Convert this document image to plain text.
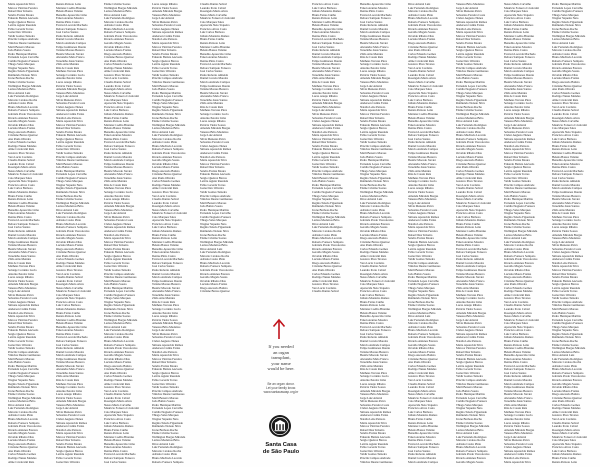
Maria Aparecida Silva
Marcos Vinicius Ferreira
Rafael Dias Teixeira
Sandra Freitas Moura
Eduardo Batista Azevedo
Sergio Queiroz Barros
Leticia Aguiar Rezende
Fabio Lacerda Torres
Joana Darc Oliveira
Valdir Gomes Teixeira
Priscila Campos Andrade
Vinicius Duarte Guimaraes
Marli Bezerra Moraes
João Batista Souza
Pedro Henrique Martins
Fernanda Lopes Carvalho
Camila Nogueira Fonseca
Thiago Sales Marques
Wagner Siqueira Neto
Regina Toledo Figueiredo
Raimundo Nonato Silva
Ivone Barbosa Rocha
Elaine Cristina Soares
Wellington Borges Miranda
Larissa Medeiros Brito
Dirce Amaral Luiz
Luiz Fernando Rodrigues
Marcelo Cardoso Rocha
Adriana Castro Pinto
Bruno Machado Lacerda
Roberto Fonseca Sampaio
Gabriela Prado Vasconcelos
Ricardo Antunes Esteves
Geraldo Magela Souza
Osvaldo Ribeiro Dias
Luciana Moura Freitas
Diego Azevedo Batista
Cristiane Barros Queiroz
Ana Paula Oliveira
Carlos Eduardo Gomes
Rodrigo Nunes Mendes
Aline Cavalcanti Reis
Gustavo Pires Tavares
Vera Lucia Cordeiro
Claudia Dantas Sobral
Leandro Porto Cabral
Rosangela Maria Alves
Neusa Maria Carvalho
Mauricio Fonseca Cavalcanti
Caio Marques Sales
Aparecida Neto Siqueira
Francisco Alves Costa
Luiz Carlos Barbosa
Juliana Monteiro Ramos
Bruna Farias Cunha
Renata Peixoto Leite
Mariana Coelho Brandao
Helena Bastos Valente
Benedito Aparecido Lima
Edson Arantes Moreira
Denise Pinto Castro
Everton Lacerda Machado
Debora Sampaio Fonseca
José Carlos Santos
Paulo Roberto Almeida
Daniel Correia Moreira
Marcia Andrade Campos
Felipe Guimaraes Duarte
Tatiana Moraes Bezerra
Beatriz Macedo Xavier
Alexandre Melo Franco
Terezinha Jesus Santos
Zilda Arns Mendes
Rita de Cassia Reis
Matheus Tavares Pires
Solange Cordeiro Lucia
Antonio Pereira Lima
Lucas Araujo Ribeiro
Patricia Vieira Soares
Amanda Miranda Borges
Vanessa Brito Medeiros
Jorge Luiz Amaral
Silvia Menezes Paiva
Sebastiao Ferreira Costa
Cleber Augusto Nunes
Simone Aparecida Ramos
Anderson Cunha Farias
Natalia Leite Peixoto
Maria Aparecida Silva
Marcos Vinicius Ferreira
Rafael Dias Teixeira
Sandra Freitas Moura
Eduardo Batista Azevedo
Sergio Queiroz Barros
Leticia Aguiar Rezende
Fabio Lacerda Torres
Joana Darc Oliveira
Valdir Gomes Teixeira
Priscila Campos Andrade
Vinicius Duarte Guimaraes
Marli Bezerra Moraes
João Batista Souza
Pedro Henrique Martins
Fernanda Lopes Carvalho
Camila Nogueira Fonseca
Thiago Sales Marques
Wagner Siqueira Neto
Regina Toledo Figueiredo
Raimundo Nonato Silva
Ivone Barbosa Rocha
Elaine Cristina Soares
Wellington Borges Miranda
Larissa Medeiros Brito
Dirce Amaral Luiz
Luiz Fernando Rodrigues
Marcelo Cardoso Rocha
Adriana Castro Pinto
Bruno Machado Lacerda
Roberto Fonseca Sampaio
Gabriela Prado Vasconcelos
Ricardo Antunes Esteves
Geraldo Magela Souza
Osvaldo Ribeiro Dias
Luciana Moura Freitas
Diego Azevedo Batista
Cristiane Barros Queiroz
Ana Paula Oliveira
Carlos Eduardo Gomes
Rodrigo Nunes Mendes
Aline Cavalcanti Reis
Renata Peixoto Leite
Mariana Coelho Brandao
Helena Bastos Valente
Benedito Aparecido Lima
Edson Arantes Moreira
Denise Pinto Castro
Everton Lacerda Machado
Debora Sampaio Fonseca
José Carlos Santos
Paulo Roberto Almeida
Daniel Correia Moreira
Marcia Andrade Campos
Felipe Guimaraes Duarte
Tatiana Moraes Bezerra
Beatriz Macedo Xavier
Alexandre Melo Franco
Terezinha Jesus Santos
Zilda Arns Mendes
Rita de Cassia Reis
Matheus Tavares Pires
Solange Cordeiro Lucia
Antonio Pereira Lima
Lucas Araujo Ribeiro
Patricia Vieira Soares
Amanda Miranda Borges
Vanessa Brito Medeiros
Jorge Luiz Amaral
Silvia Menezes Paiva
Sebastiao Ferreira Costa
Cleber Augusto Nunes
Simone Aparecida Ramos
Anderson Cunha Farias
Natalia Leite Peixoto
Maria Aparecida Silva
Marcos Vinicius Ferreira
Rafael Dias Teixeira
Sandra Freitas Moura
Eduardo Batista Azevedo
Sergio Queiroz Barros
Leticia Aguiar Rezende
Fabio Lacerda Torres
Joana Darc Oliveira
Valdir Gomes Teixeira
Priscila Campos Andrade
Vinicius Duarte Guimaraes
Marli Bezerra Moraes
João Batista Souza
Pedro Henrique Martins
Fernanda Lopes Carvalho
Camila Nogueira Fonseca
Thiago Sales Marques
Wagner Siqueira Neto
Regina Toledo Figueiredo
Raimundo Nonato Silva
Ivone Barbosa Rocha
Elaine Cristina Soares
Wellington Borges Miranda
Larissa Medeiros Brito
Dirce Amaral Luiz
Luiz Fernando Rodrigues
Marcelo Cardoso Rocha
Adriana Castro Pinto
Bruno Machado Lacerda
Roberto Fonseca Sampaio
Gabriela Prado Vasconcelos
Ricardo Antunes Esteves
Geraldo Magela Souza
Osvaldo Ribeiro Dias
Luciana Moura Freitas
Diego Azevedo Batista
Cristiane Barros Queiroz
Ana Paula Oliveira
Carlos Eduardo Gomes
Rodrigo Nunes Mendes
Aline Cavalcanti Reis
Gustavo Pires Tavares
Vera Lucia Cordeiro
Claudia Dantas Sobral
Leandro Porto Cabral
Rosangela Maria Alves
Neusa Maria Carvalho
Mauricio Fonseca Cavalcanti
Caio Marques Sales
Aparecida Neto Siqueira
Francisco Alves Costa
Luiz Carlos Barbosa
Juliana Monteiro Ramos
Bruna Farias Cunha
Renata Peixoto Leite
Mariana Coelho Brandao
Helena Bastos Valente
Benedito Aparecido Lima
Edson Arantes Moreira
Denise Pinto Castro
Everton Lacerda Machado
Debora Sampaio Fonseca
José Carlos Santos
Paulo Roberto Almeida
Daniel Correia Moreira
Marcia Andrade Campos
Felipe Guimaraes Duarte
Tatiana Moraes Bezerra
Beatriz Macedo Xavier
Alexandre Melo Franco
Terezinha Jesus Santos
Zilda Arns Mendes
Rita de Cassia Reis
Matheus Tavares Pires
Solange Cordeiro Lucia
Antonio Pereira Lima
Lucas Araujo Ribeiro
Patricia Vieira Soares
Amanda Miranda Borges
Vanessa Brito Medeiros
Jorge Luiz Amaral
Silvia Menezes Paiva
Sebastiao Ferreira Costa
Cleber Augusto Nunes
Simone Aparecida Ramos
Anderson Cunha Farias
Natalia Leite Peixoto
Maria Aparecida Silva
Marcos Vinicius Ferreira
Rafael Dias Teixeira
Sandra Freitas Moura
Eduardo Batista Azevedo
Sergio Queiroz Barros
Leticia Aguiar Rezende
Fabio Lacerda Torres
Joana Darc Oliveira
Elaine Cristina Soares
Wellington Borges Miranda
Larissa Medeiros Brito
Dirce Amaral Luiz
Luiz Fernando Rodrigues
Marcelo Cardoso Rocha
Adriana Castro Pinto
Bruno Machado Lacerda
Roberto Fonseca Sampaio
Gabriela Prado Vasconcelos
Ricardo Antunes Esteves
Geraldo Magela Souza
Osvaldo Ribeiro Dias
Luciana Moura Freitas
Diego Azevedo Batista
Cristiane Barros Queiroz
Ana Paula Oliveira
Carlos Eduardo Gomes
Rodrigo Nunes Mendes
Aline Cavalcanti Reis
Gustavo Pires Tavares
Vera Lucia Cordeiro
Claudia Dantas Sobral
Leandro Porto Cabral
Rosangela Maria Alves
Neusa Maria Carvalho
Mauricio Fonseca Cavalcanti
Caio Marques Sales
Aparecida Neto Siqueira
Francisco Alves Costa
Luiz Carlos Barbosa
Juliana Monteiro Ramos
Bruna Farias Cunha
Renata Peixoto Leite
Mariana Coelho Brandao
Helena Bastos Valente
Benedito Aparecido Lima
Edson Arantes Moreira
Denise Pinto Castro
Everton Lacerda Machado
Debora Sampaio Fonseca
José Carlos Santos
Paulo Roberto Almeida
Daniel Correia Moreira
Marcia Andrade Campos
Felipe Guimaraes Duarte
Tatiana Moraes Bezerra
Beatriz Macedo Xavier
Alexandre Melo Franco
Terezinha Jesus Santos
Zilda Arns Mendes
Rita de Cassia Reis
Matheus Tavares Pires
Solange Cordeiro Lucia
Antonio Pereira Lima
Lucas Araujo Ribeiro
Patricia Vieira Soares
Amanda Miranda Borges
Vanessa Brito Medeiros
Jorge Luiz Amaral
Silvia Menezes Paiva
Sebastiao Ferreira Costa
Cleber Augusto Nunes
Simone Aparecida Ramos
Anderson Cunha Farias
Natalia Leite Peixoto
Maria Aparecida Silva
Marcos Vinicius Ferreira
Rafael Dias Teixeira
Sandra Freitas Moura
Eduardo Batista Azevedo
Sergio Queiroz Barros
Leticia Aguiar Rezende
Fabio Lacerda Torres
Joana Darc Oliveira
Valdir Gomes Teixeira
Priscila Campos Andrade
Vinicius Duarte Guimaraes
Marli Bezerra Moraes
João Batista Souza
Pedro Henrique Martins
Fernanda Lopes Carvalho
Camila Nogueira Fonseca
Thiago Sales Marques
Wagner Siqueira Neto
Regina Toledo Figueiredo
Raimundo Nonato Silva
Ivone Barbosa Rocha
Elaine Cristina Soares
Wellington Borges Miranda
Larissa Medeiros Brito
Dirce Amaral Luiz
Luiz Fernando Rodrigues
Marcelo Cardoso Rocha
Adriana Castro Pinto
Bruno Machado Lacerda
Roberto Fonseca Sampaio
Gabriela Prado Vasconcelos
Ricardo Antunes Esteves
Geraldo Magela Souza
Osvaldo Ribeiro Dias
Luciana Moura Freitas
Diego Azevedo Batista
Cristiane Barros Queiroz
Ana Paula Oliveira
Carlos Eduardo Gomes
Rodrigo Nunes Mendes
Aline Cavalcanti Reis
Gustavo Pires Tavares
Vera Lucia Cordeiro
Claudia Dantas Sobral
Leandro Porto Cabral
Rosangela Maria Alves
Neusa Maria Carvalho
Mauricio Fonseca Cavalcanti
Caio Marques Sales
Aparecida Neto Siqueira
Francisco Alves Costa
Luiz Carlos Barbosa
Juliana Monteiro Ramos
Bruna Farias Cunha
Renata Peixoto Leite
Mariana Coelho Brandao
Helena Bastos Valente
Benedito Aparecido Lima
Edson Arantes Moreira
Denise Pinto Castro
Everton Lacerda Machado
Debora Sampaio Fonseca
José Carlos Santos
Lucas Araujo Ribeiro
Patricia Vieira Soares
Amanda Miranda Borges
Vanessa Brito Medeiros
Jorge Luiz Amaral
Silvia Menezes Paiva
Sebastiao Ferreira Costa
Cleber Augusto Nunes
Simone Aparecida Ramos
Anderson Cunha Farias
Natalia Leite Peixoto
Maria Aparecida Silva
Marcos Vinicius Ferreira
Rafael Dias Teixeira
Sandra Freitas Moura
Eduardo Batista Azevedo
Sergio Queiroz Barros
Leticia Aguiar Rezende
Fabio Lacerda Torres
Joana Darc Oliveira
Valdir Gomes Teixeira
Priscila Campos Andrade
Vinicius Duarte Guimaraes
Marli Bezerra Moraes
João Batista Souza
Pedro Henrique Martins
Fernanda Lopes Carvalho
Camila Nogueira Fonseca
Thiago Sales Marques
Wagner Siqueira Neto
Regina Toledo Figueiredo
Raimundo Nonato Silva
Ivone Barbosa Rocha
Elaine Cristina Soares
Wellington Borges Miranda
Larissa Medeiros Brito
Dirce Amaral Luiz
Luiz Fernando Rodrigues
Marcelo Cardoso Rocha
Adriana Castro Pinto
Bruno Machado Lacerda
Roberto Fonseca Sampaio
Gabriela Prado Vasconcelos
Ricardo Antunes Esteves
Geraldo Magela Souza
Osvaldo Ribeiro Dias
Luciana Moura Freitas
Diego Azevedo Batista
Cristiane Barros Queiroz
Ana Paula Oliveira
Carlos Eduardo Gomes
Rodrigo Nunes Mendes
Aline Cavalcanti Reis
Gustavo Pires Tavares
Vera Lucia Cordeiro
Claudia Dantas Sobral
Leandro Porto Cabral
Rosangela Maria Alves
Neusa Maria Carvalho
Mauricio Fonseca Cavalcanti
Caio Marques Sales
Aparecida Neto Siqueira
Francisco Alves Costa
Luiz Carlos Barbosa
Juliana Monteiro Ramos
Bruna Farias Cunha
Renata Peixoto Leite
Mariana Coelho Brandao
Helena Bastos Valente
Benedito Aparecido Lima
Edson Arantes Moreira
Denise Pinto Castro
Everton Lacerda Machado
Debora Sampaio Fonseca
José Carlos Santos
Paulo Roberto Almeida
Daniel Correia Moreira
Marcia Andrade Campos
Felipe Guimaraes Duarte
Tatiana Moraes Bezerra
Beatriz Macedo Xavier
Alexandre Melo Franco
Terezinha Jesus Santos
Zilda Arns Mendes
Rita de Cassia Reis
Matheus Tavares Pires
Solange Cordeiro Lucia
Antonio Pereira Lima
Lucas Araujo Ribeiro
Patricia Vieira Soares
Amanda Miranda Borges
Vanessa Brito Medeiros
Jorge Luiz Amaral
Silvia Menezes Paiva
Sebastiao Ferreira Costa
Cleber Augusto Nunes
Simone Aparecida Ramos
Anderson Cunha Farias
Natalia Leite Peixoto
Maria Aparecida Silva
Marcos Vinicius Ferreira
Rafael Dias Teixeira
Sandra Freitas Moura
Eduardo Batista Azevedo
Sergio Queiroz Barros
Leticia Aguiar Rezende
Fabio Lacerda Torres
Joana Darc Oliveira
Valdir Gomes Teixeira
Priscila Campos Andrade
Vinicius Duarte Guimaraes
Marli Bezerra Moraes
João Batista Souza
Pedro Henrique Martins
Fernanda Lopes Carvalho
Camila Nogueira Fonseca
Thiago Sales Marques
Wagner Siqueira Neto
Regina Toledo Figueiredo
Raimundo Nonato Silva
Ivone Barbosa Rocha
Elaine Cristina Soares
Wellington Borges Miranda
Larissa Medeiros Brito
Dirce Amaral Luiz
Luiz Fernando Rodrigues
Marcelo Cardoso Rocha
Adriana Castro Pinto
Bruno Machado Lacerda
Roberto Fonseca Sampaio
Claudia Dantas Sobral
Leandro Porto Cabral
Rosangela Maria Alves
Neusa Maria Carvalho
Mauricio Fonseca Cavalcanti
Caio Marques Sales
Aparecida Neto Siqueira
Francisco Alves Costa
Luiz Carlos Barbosa
Juliana Monteiro Ramos
Bruna Farias Cunha
Renata Peixoto Leite
Mariana Coelho Brandao
Helena Bastos Valente
Benedito Aparecido Lima
Edson Arantes Moreira
Denise Pinto Castro
Everton Lacerda Machado
Debora Sampaio Fonseca
José Carlos Santos
Paulo Roberto Almeida
Daniel Correia Moreira
Marcia Andrade Campos
Felipe Guimaraes Duarte
Tatiana Moraes Bezerra
Beatriz Macedo Xavier
Alexandre Melo Franco
Terezinha Jesus Santos
Zilda Arns Mendes
Rita de Cassia Reis
Matheus Tavares Pires
Solange Cordeiro Lucia
Antonio Pereira Lima
Lucas Araujo Ribeiro
Patricia Vieira Soares
Amanda Miranda Borges
Vanessa Brito Medeiros
Jorge Luiz Amaral
Silvia Menezes Paiva
Sebastiao Ferreira Costa
Cleber Augusto Nunes
Simone Aparecida Ramos
Anderson Cunha Farias
Natalia Leite Peixoto
Maria Aparecida Silva
Marcos Vinicius Ferreira
Rafael Dias Teixeira
Sandra Freitas Moura
Eduardo Batista Azevedo
Sergio Queiroz Barros
Leticia Aguiar Rezende
Fabio Lacerda Torres
Joana Darc Oliveira
Valdir Gomes Teixeira
Priscila Campos Andrade
Vinicius Duarte Guimaraes
Marli Bezerra Moraes
João Batista Souza
Pedro Henrique Martins
Fernanda Lopes Carvalho
Camila Nogueira Fonseca
Thiago Sales Marques
Wagner Siqueira Neto
Regina Toledo Figueiredo
Raimundo Nonato Silva
Ivone Barbosa Rocha
Elaine Cristina Soares
Wellington Borges Miranda
Larissa Medeiros Brito
Dirce Amaral Luiz
Luiz Fernando Rodrigues
Marcelo Cardoso Rocha
Adriana Castro Pinto
Bruno Machado Lacerda
Roberto Fonseca Sampaio
Gabriela Prado Vasconcelos
Ricardo Antunes Esteves
Geraldo Magela Souza
Osvaldo Ribeiro Dias
Luciana Moura Freitas
Diego Azevedo Batista
Cristiane Barros Queiroz
Francisco Alves Costa
Luiz Carlos Barbosa
Juliana Monteiro Ramos
Bruna Farias Cunha
Renata Peixoto Leite
Mariana Coelho Brandao
Helena Bastos Valente
Benedito Aparecido Lima
Edson Arantes Moreira
Denise Pinto Castro
Everton Lacerda Machado
Debora Sampaio Fonseca
José Carlos Santos
Paulo Roberto Almeida
Daniel Correia Moreira
Marcia Andrade Campos
Felipe Guimaraes Duarte
Tatiana Moraes Bezerra
Beatriz Macedo Xavier
Alexandre Melo Franco
Terezinha Jesus Santos
Zilda Arns Mendes
Rita de Cassia Reis
Matheus Tavares Pires
Solange Cordeiro Lucia
Antonio Pereira Lima
Lucas Araujo Ribeiro
Patricia Vieira Soares
Amanda Miranda Borges
Vanessa Brito Medeiros
Jorge Luiz Amaral
Silvia Menezes Paiva
Sebastiao Ferreira Costa
Cleber Augusto Nunes
Simone Aparecida Ramos
Anderson Cunha Farias
Natalia Leite Peixoto
Maria Aparecida Silva
Marcos Vinicius Ferreira
Rafael Dias Teixeira
Sandra Freitas Moura
Eduardo Batista Azevedo
Sergio Queiroz Barros
Leticia Aguiar Rezende
Fabio Lacerda Torres
Joana Darc Oliveira
Valdir Gomes Teixeira
Priscila Campos Andrade
Vinicius Duarte Guimaraes
Marli Bezerra Moraes
João Batista Souza
Pedro Henrique Martins
Fernanda Lopes Carvalho
Camila Nogueira Fonseca
Thiago Sales Marques
Wagner Siqueira Neto
Regina Toledo Figueiredo
Raimundo Nonato Silva
Ivone Barbosa Rocha
Elaine Cristina Soares
Wellington Borges Miranda
Larissa Medeiros Brito
Dirce Amaral Luiz
Luiz Fernando Rodrigues
Marcelo Cardoso Rocha
Adriana Castro Pinto
Bruno Machado Lacerda
Roberto Fonseca Sampaio
Gabriela Prado Vasconcelos
Ricardo Antunes Esteves
Geraldo Magela Souza
Osvaldo Ribeiro Dias
Luciana Moura Freitas
Diego Azevedo Batista
Cristiane Barros Queiroz
Ana Paula Oliveira
Carlos Eduardo Gomes
Rodrigo Nunes Mendes
Aline Cavalcanti Reis
Gustavo Pires Tavares
Vera Lucia Cordeiro
Claudia Dantas Sobral
Benedito Aparecido Lima
Edson Arantes Moreira
Denise Pinto Castro
Everton Lacerda Machado
Debora Sampaio Fonseca
José Carlos Santos
Paulo Roberto Almeida
Daniel Correia Moreira
Marcia Andrade Campos
Felipe Guimaraes Duarte
Tatiana Moraes Bezerra
Beatriz Macedo Xavier
Alexandre Melo Franco
Terezinha Jesus Santos
Zilda Arns Mendes
Rita de Cassia Reis
Matheus Tavares Pires
Solange Cordeiro Lucia
Antonio Pereira Lima
Lucas Araujo Ribeiro
Patricia Vieira Soares
Amanda Miranda Borges
Vanessa Brito Medeiros
Jorge Luiz Amaral
Silvia Menezes Paiva
Sebastiao Ferreira Costa
Cleber Augusto Nunes
Simone Aparecida Ramos
Anderson Cunha Farias
Natalia Leite Peixoto
Maria Aparecida Silva
Marcos Vinicius Ferreira
Rafael Dias Teixeira
Sandra Freitas Moura
Eduardo Batista Azevedo
Sergio Queiroz Barros
Leticia Aguiar Rezende
Fabio Lacerda Torres
Joana Darc Oliveira
Valdir Gomes Teixeira
Priscila Campos Andrade
Vinicius Duarte Guimaraes
Marli Bezerra Moraes
João Batista Souza
Pedro Henrique Martins
Fernanda Lopes Carvalho
Camila Nogueira Fonseca
Thiago Sales Marques
Wagner Siqueira Neto
Regina Toledo Figueiredo
Raimundo Nonato Silva
Ivone Barbosa Rocha
Elaine Cristina Soares
Wellington Borges Miranda
Larissa Medeiros Brito
Dirce Amaral Luiz
Luiz Fernando Rodrigues
Marcelo Cardoso Rocha
Adriana Castro Pinto
Bruno Machado Lacerda
Roberto Fonseca Sampaio
Gabriela Prado Vasconcelos
Ricardo Antunes Esteves
Geraldo Magela Souza
Osvaldo Ribeiro Dias
Luciana Moura Freitas
Diego Azevedo Batista
Cristiane Barros Queiroz
Ana Paula Oliveira
Carlos Eduardo Gomes
Rodrigo Nunes Mendes
Aline Cavalcanti Reis
Gustavo Pires Tavares
Vera Lucia Cordeiro
Claudia Dantas Sobral
Leandro Porto Cabral
Rosangela Maria Alves
Neusa Maria Carvalho
Mauricio Fonseca Cavalcanti
Caio Marques Sales
Aparecida Neto Siqueira
Francisco Alves Costa
Luiz Carlos Barbosa
Juliana Monteiro Ramos
Bruna Farias Cunha
Renata Peixoto Leite
Mariana Coelho Brandao
Helena Bastos Valente
Benedito Aparecido Lima
Edson Arantes Moreira
Denise Pinto Castro
Everton Lacerda Machado
Debora Sampaio Fonseca
José Carlos Santos
Paulo Roberto Almeida
Daniel Correia Moreira
Marcia Andrade Campos
Felipe Guimaraes Duarte
Tatiana Moraes Bezerra
Beatriz Macedo Xavier
Alexandre Melo Franco
Terezinha Jesus Santos
Zilda Arns Mendes
Rita de Cassia Reis
Matheus Tavares Pires
Solange Cordeiro Lucia
Antonio Pereira Lima
Lucas Araujo Ribeiro
Patricia Vieira Soares
Amanda Miranda Borges
Vanessa Brito Medeiros
Jorge Luiz Amaral
Silvia Menezes Paiva
Sebastiao Ferreira Costa
Cleber Augusto Nunes
Simone Aparecida Ramos
Anderson Cunha Farias
Natalia Leite Peixoto
Maria Aparecida Silva
Marcos Vinicius Ferreira
Rafael Dias Teixeira
Sandra Freitas Moura
Eduardo Batista Azevedo
Sergio Queiroz Barros
Leticia Aguiar Rezende
Fabio Lacerda Torres
Joana Darc Oliveira
Valdir Gomes Teixeira
Priscila Campos Andrade
Vinicius Duarte Guimaraes
Dirce Amaral Luiz
Luiz Fernando Rodrigues
Marcelo Cardoso Rocha
Adriana Castro Pinto
Bruno Machado Lacerda
Roberto Fonseca Sampaio
Gabriela Prado Vasconcelos
Ricardo Antunes Esteves
Geraldo Magela Souza
Osvaldo Ribeiro Dias
Luciana Moura Freitas
Diego Azevedo Batista
Cristiane Barros Queiroz
Ana Paula Oliveira
Carlos Eduardo Gomes
Rodrigo Nunes Mendes
Aline Cavalcanti Reis
Gustavo Pires Tavares
Vera Lucia Cordeiro
Claudia Dantas Sobral
Leandro Porto Cabral
Rosangela Maria Alves
Neusa Maria Carvalho
Mauricio Fonseca Cavalcanti
Caio Marques Sales
Aparecida Neto Siqueira
Francisco Alves Costa
Luiz Carlos Barbosa
Juliana Monteiro Ramos
Bruna Farias Cunha
Renata Peixoto Leite
Mariana Coelho Brandao
Helena Bastos Valente
Benedito Aparecido Lima
Edson Arantes Moreira
Denise Pinto Castro
Everton Lacerda Machado
Debora Sampaio Fonseca
José Carlos Santos
Paulo Roberto Almeida
Daniel Correia Moreira
Marcia Andrade Campos
Felipe Guimaraes Duarte
Tatiana Moraes Bezerra
Beatriz Macedo Xavier
Alexandre Melo Franco
Terezinha Jesus Santos
Zilda Arns Mendes
Rita de Cassia Reis
Matheus Tavares Pires
Solange Cordeiro Lucia
Antonio Pereira Lima
Lucas Araujo Ribeiro
Patricia Vieira Soares
Amanda Miranda Borges
Vanessa Brito Medeiros
Jorge Luiz Amaral
Silvia Menezes Paiva
Sebastiao Ferreira Costa
Cleber Augusto Nunes
Simone Aparecida Ramos
Anderson Cunha Farias
Natalia Leite Peixoto
Maria Aparecida Silva
Marcos Vinicius Ferreira
Rafael Dias Teixeira
Sandra Freitas Moura
Eduardo Batista Azevedo
Sergio Queiroz Barros
Leticia Aguiar Rezende
Fabio Lacerda Torres
Joana Darc Oliveira
Valdir Gomes Teixeira
Priscila Campos Andrade
Vinicius Duarte Guimaraes
Marli Bezerra Moraes
João Batista Souza
Pedro Henrique Martins
Fernanda Lopes Carvalho
Camila Nogueira Fonseca
Thiago Sales Marques
Wagner Siqueira Neto
Regina Toledo Figueiredo
Raimundo Nonato Silva
Ivone Barbosa Rocha
Elaine Cristina Soares
Wellington Borges Miranda
Larissa Medeiros Brito
Dirce Amaral Luiz
Luiz Fernando Rodrigues
Marcelo Cardoso Rocha
Adriana Castro Pinto
Bruno Machado Lacerda
Roberto Fonseca Sampaio
Gabriela Prado Vasconcelos
Ricardo Antunes Esteves
Geraldo Magela Souza
Osvaldo Ribeiro Dias
Luciana Moura Freitas
Diego Azevedo Batista
Cristiane Barros Queiroz
Ana Paula Oliveira
Carlos Eduardo Gomes
Rodrigo Nunes Mendes
Aline Cavalcanti Reis
Gustavo Pires Tavares
Vera Lucia Cordeiro
Claudia Dantas Sobral
Leandro Porto Cabral
Rosangela Maria Alves
Neusa Maria Carvalho
Mauricio Fonseca Cavalcanti
Caio Marques Sales
Aparecida Neto Siqueira
Francisco Alves Costa
Luiz Carlos Barbosa
Juliana Monteiro Ramos
Bruna Farias Cunha
Renata Peixoto Leite
Mariana Coelho Brandao
Helena Bastos Valente
Benedito Aparecido Lima
Edson Arantes Moreira
Denise Pinto Castro
Everton Lacerda Machado
Debora Sampaio Fonseca
José Carlos Santos
Paulo Roberto Almeida
Daniel Correia Moreira
Marcia Andrade Campos
Vanessa Brito Medeiros
Jorge Luiz Amaral
Silvia Menezes Paiva
Sebastiao Ferreira Costa
Cleber Augusto Nunes
Simone Aparecida Ramos
Anderson Cunha Farias
Natalia Leite Peixoto
Maria Aparecida Silva
Marcos Vinicius Ferreira
Rafael Dias Teixeira
Sandra Freitas Moura
Eduardo Batista Azevedo
Sergio Queiroz Barros
Leticia Aguiar Rezende
Fabio Lacerda Torres
Joana Darc Oliveira
Valdir Gomes Teixeira
Priscila Campos Andrade
Vinicius Duarte Guimaraes
Marli Bezerra Moraes
João Batista Souza
Pedro Henrique Martins
Fernanda Lopes Carvalho
Camila Nogueira Fonseca
Thiago Sales Marques
Wagner Siqueira Neto
Regina Toledo Figueiredo
Raimundo Nonato Silva
Ivone Barbosa Rocha
Elaine Cristina Soares
Wellington Borges Miranda
Larissa Medeiros Brito
Dirce Amaral Luiz
Luiz Fernando Rodrigues
Marcelo Cardoso Rocha
Adriana Castro Pinto
Bruno Machado Lacerda
Roberto Fonseca Sampaio
Gabriela Prado Vasconcelos
Ricardo Antunes Esteves
Geraldo Magela Souza
Osvaldo Ribeiro Dias
Luciana Moura Freitas
Diego Azevedo Batista
Cristiane Barros Queiroz
Ana Paula Oliveira
Carlos Eduardo Gomes
Rodrigo Nunes Mendes
Aline Cavalcanti Reis
Gustavo Pires Tavares
Vera Lucia Cordeiro
Claudia Dantas Sobral
Leandro Porto Cabral
Rosangela Maria Alves
Neusa Maria Carvalho
Mauricio Fonseca Cavalcanti
Caio Marques Sales
Aparecida Neto Siqueira
Francisco Alves Costa
Luiz Carlos Barbosa
Juliana Monteiro Ramos
Bruna Farias Cunha
Renata Peixoto Leite
Mariana Coelho Brandao
Helena Bastos Valente
Benedito Aparecido Lima
Edson Arantes Moreira
Denise Pinto Castro
Everton Lacerda Machado
Debora Sampaio Fonseca
José Carlos Santos
Paulo Roberto Almeida
Daniel Correia Moreira
Marcia Andrade Campos
Felipe Guimaraes Duarte
Tatiana Moraes Bezerra
Beatriz Macedo Xavier
Alexandre Melo Franco
Terezinha Jesus Santos
Zilda Arns Mendes
Rita de Cassia Reis
Matheus Tavares Pires
Solange Cordeiro Lucia
Antonio Pereira Lima
Lucas Araujo Ribeiro
Patricia Vieira Soares
Amanda Miranda Borges
Vanessa Brito Medeiros
Jorge Luiz Amaral
Silvia Menezes Paiva
Sebastiao Ferreira Costa
Cleber Augusto Nunes
Simone Aparecida Ramos
Anderson Cunha Farias
Natalia Leite Peixoto
Maria Aparecida Silva
Marcos Vinicius Ferreira
Rafael Dias Teixeira
Sandra Freitas Moura
Eduardo Batista Azevedo
Sergio Queiroz Barros
Leticia Aguiar Rezende
Fabio Lacerda Torres
Joana Darc Oliveira
Valdir Gomes Teixeira
Priscila Campos Andrade
Vinicius Duarte Guimaraes
Marli Bezerra Moraes
João Batista Souza
Pedro Henrique Martins
Fernanda Lopes Carvalho
Camila Nogueira Fonseca
Thiago Sales Marques
Wagner Siqueira Neto
Regina Toledo Figueiredo
Raimundo Nonato Silva
Ivone Barbosa Rocha
Elaine Cristina Soares
Wellington Borges Miranda
Larissa Medeiros Brito
Dirce Amaral Luiz
Luiz Fernando Rodrigues
Marcelo Cardoso Rocha
Adriana Castro Pinto
Bruno Machado Lacerda
Roberto Fonseca Sampaio
Gabriela Prado Vasconcelos
Ricardo Antunes Esteves
Geraldo Magela Souza
Neusa Maria Carvalho
Mauricio Fonseca Cavalcanti
Caio Marques Sales
Aparecida Neto Siqueira
Francisco Alves Costa
Luiz Carlos Barbosa
Juliana Monteiro Ramos
Bruna Farias Cunha
Renata Peixoto Leite
Mariana Coelho Brandao
Helena Bastos Valente
Benedito Aparecido Lima
Edson Arantes Moreira
Denise Pinto Castro
Everton Lacerda Machado
Debora Sampaio Fonseca
José Carlos Santos
Paulo Roberto Almeida
Daniel Correia Moreira
Marcia Andrade Campos
Felipe Guimaraes Duarte
Tatiana Moraes Bezerra
Beatriz Macedo Xavier
Alexandre Melo Franco
Terezinha Jesus Santos
Zilda Arns Mendes
Rita de Cassia Reis
Matheus Tavares Pires
Solange Cordeiro Lucia
Antonio Pereira Lima
Lucas Araujo Ribeiro
Patricia Vieira Soares
Amanda Miranda Borges
Vanessa Brito Medeiros
Jorge Luiz Amaral
Silvia Menezes Paiva
Sebastiao Ferreira Costa
Cleber Augusto Nunes
Simone Aparecida Ramos
Anderson Cunha Farias
Natalia Leite Peixoto
Maria Aparecida Silva
Marcos Vinicius Ferreira
Rafael Dias Teixeira
Sandra Freitas Moura
Eduardo Batista Azevedo
Sergio Queiroz Barros
Leticia Aguiar Rezende
Fabio Lacerda Torres
Joana Darc Oliveira
Valdir Gomes Teixeira
Priscila Campos Andrade
Vinicius Duarte Guimaraes
Marli Bezerra Moraes
João Batista Souza
Pedro Henrique Martins
Fernanda Lopes Carvalho
Camila Nogueira Fonseca
Thiago Sales Marques
Wagner Siqueira Neto
Regina Toledo Figueiredo
Raimundo Nonato Silva
Ivone Barbosa Rocha
Elaine Cristina Soares
Wellington Borges Miranda
Larissa Medeiros Brito
Dirce Amaral Luiz
Luiz Fernando Rodrigues
Marcelo Cardoso Rocha
Adriana Castro Pinto
Bruno Machado Lacerda
Roberto Fonseca Sampaio
Gabriela Prado Vasconcelos
Ricardo Antunes Esteves
Geraldo Magela Souza
Osvaldo Ribeiro Dias
Luciana Moura Freitas
Diego Azevedo Batista
Cristiane Barros Queiroz
Ana Paula Oliveira
Carlos Eduardo Gomes
Rodrigo Nunes Mendes
Aline Cavalcanti Reis
Gustavo Pires Tavares
Vera Lucia Cordeiro
Claudia Dantas Sobral
Leandro Porto Cabral
Rosangela Maria Alves
Neusa Maria Carvalho
Mauricio Fonseca Cavalcanti
Caio Marques Sales
Aparecida Neto Siqueira
Francisco Alves Costa
Luiz Carlos Barbosa
Juliana Monteiro Ramos
Bruna Farias Cunha
Renata Peixoto Leite
Mariana Coelho Brandao
Helena Bastos Valente
Benedito Aparecido Lima
Edson Arantes Moreira
Denise Pinto Castro
Everton Lacerda Machado
Debora Sampaio Fonseca
José Carlos Santos
Paulo Roberto Almeida
Daniel Correia Moreira
Marcia Andrade Campos
Felipe Guimaraes Duarte
Tatiana Moraes Bezerra
Beatriz Macedo Xavier
Alexandre Melo Franco
Terezinha Jesus Santos
Zilda Arns Mendes
Rita de Cassia Reis
Matheus Tavares Pires
Solange Cordeiro Lucia
Antonio Pereira Lima
Lucas Araujo Ribeiro
Patricia Vieira Soares
Amanda Miranda Borges
Vanessa Brito Medeiros
Jorge Luiz Amaral
Silvia Menezes Paiva
Sebastiao Ferreira Costa
Cleber Augusto Nunes
Simone Aparecida Ramos
Anderson Cunha Farias
Natalia Leite Peixoto
Maria Aparecida Silva
Pedro Henrique Martins
Fernanda Lopes Carvalho
Camila Nogueira Fonseca
Thiago Sales Marques
Wagner Siqueira Neto
Regina Toledo Figueiredo
Raimundo Nonato Silva
Ivone Barbosa Rocha
Elaine Cristina Soares
Wellington Borges Miranda
Larissa Medeiros Brito
Dirce Amaral Luiz
Luiz Fernando Rodrigues
Marcelo Cardoso Rocha
Adriana Castro Pinto
Bruno Machado Lacerda
Roberto Fonseca Sampaio
Gabriela Prado Vasconcelos
Ricardo Antunes Esteves
Geraldo Magela Souza
Osvaldo Ribeiro Dias
Luciana Moura Freitas
Diego Azevedo Batista
Cristiane Barros Queiroz
Ana Paula Oliveira
Carlos Eduardo Gomes
Rodrigo Nunes Mendes
Aline Cavalcanti Reis
Gustavo Pires Tavares
Vera Lucia Cordeiro
Claudia Dantas Sobral
Leandro Porto Cabral
Rosangela Maria Alves
Neusa Maria Carvalho
Mauricio Fonseca Cavalcanti
Caio Marques Sales
Aparecida Neto Siqueira
Francisco Alves Costa
Luiz Carlos Barbosa
Juliana Monteiro Ramos
Bruna Farias Cunha
Renata Peixoto Leite
Mariana Coelho Brandao
Helena Bastos Valente
Benedito Aparecido Lima
Edson Arantes Moreira
Denise Pinto Castro
Everton Lacerda Machado
Debora Sampaio Fonseca
José Carlos Santos
Paulo Roberto Almeida
Daniel Correia Moreira
Marcia Andrade Campos
Felipe Guimaraes Duarte
Tatiana Moraes Bezerra
Beatriz Macedo Xavier
Alexandre Melo Franco
Terezinha Jesus Santos
Zilda Arns Mendes
Rita de Cassia Reis
Matheus Tavares Pires
Solange Cordeiro Lucia
Antonio Pereira Lima
Lucas Araujo Ribeiro
Patricia Vieira Soares
Amanda Miranda Borges
Vanessa Brito Medeiros
Jorge Luiz Amaral
Silvia Menezes Paiva
Sebastiao Ferreira Costa
Cleber Augusto Nunes
Simone Aparecida Ramos
Anderson Cunha Farias
Natalia Leite Peixoto
Maria Aparecida Silva
Marcos Vinicius Ferreira
Rafael Dias Teixeira
Sandra Freitas Moura
Eduardo Batista Azevedo
Sergio Queiroz Barros
Leticia Aguiar Rezende
Fabio Lacerda Torres
Joana Darc Oliveira
Valdir Gomes Teixeira
Priscila Campos Andrade
Vinicius Duarte Guimaraes
Marli Bezerra Moraes
João Batista Souza
Pedro Henrique Martins
Fernanda Lopes Carvalho
Camila Nogueira Fonseca
Thiago Sales Marques
Wagner Siqueira Neto
Regina Toledo Figueiredo
Raimundo Nonato Silva
Ivone Barbosa Rocha
Elaine Cristina Soares
Wellington Borges Miranda
Larissa Medeiros Brito
Dirce Amaral Luiz
Luiz Fernando Rodrigues
Marcelo Cardoso Rocha
Adriana Castro Pinto
Bruno Machado Lacerda
Roberto Fonseca Sampaio
Gabriela Prado Vasconcelos
Ricardo Antunes Esteves
Geraldo Magela Souza
Osvaldo Ribeiro Dias
Luciana Moura Freitas
Diego Azevedo Batista
Cristiane Barros Queiroz
Ana Paula Oliveira
Carlos Eduardo Gomes
Rodrigo Nunes Mendes
Aline Cavalcanti Reis
Gustavo Pires Tavares
Vera Lucia Cordeiro
Claudia Dantas Sobral
Leandro Porto Cabral
Rosangela Maria Alves
Neusa Maria Carvalho
Mauricio Fonseca Cavalcanti
Caio Marques Sales
Aparecida Neto Siqueira
Francisco Alves Costa
Luiz Carlos Barbosa
Juliana Monteiro Ramos
Bruna Farias Cunha
Renata Peixoto Leite
If you needed
an organ
transplant,
your name
would be here.
Be an organ donor.
Let your family know.
www.santacasasp.org.br
Santa Casa
de São Paulo
